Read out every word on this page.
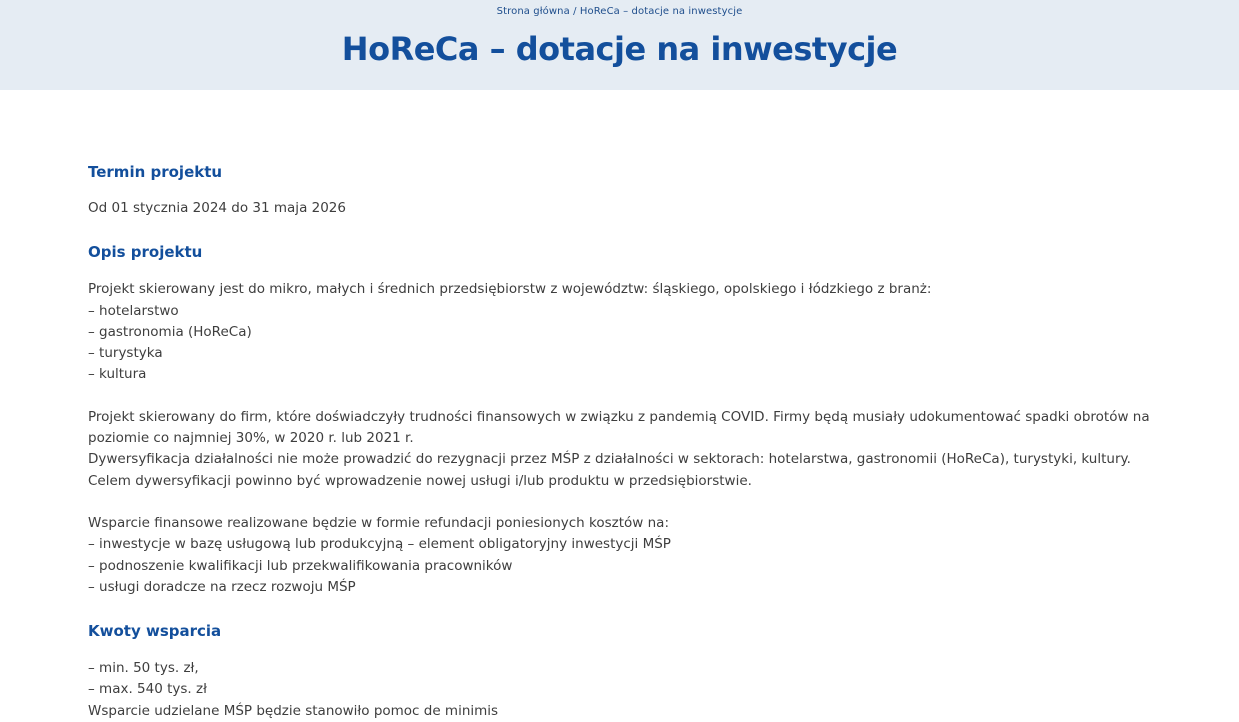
Strona główna / HoReCa – dotacje na inwestycje
HoReCa – dotacje na inwestycje
Termin projektu

Od 01 stycznia 2024 do 31 maja 2026

Opis projektu

Projekt skierowany jest do mikro, małych i średnich przedsiębiorstw z województw: śląskiego, opolskiego i łódzkiego z branż:

– hotelarstwo

– gastronomia (HoReCa)

– turystyka

– kultura

Projekt skierowany do firm, które doświadczyły trudności finansowych w związku z pandemią COVID. Firmy będą musiały udokumentować spadki obrotów na

poziomie co najmniej 30%, w 2020 r. lub 2021 r.

Dywersyfikacja działalności nie może prowadzić do rezygnacji przez MŚP z działalności w sektorach: hotelarstwa, gastronomii (HoReCa), turystyki, kultury.

Celem dywersyfikacji powinno być wprowadzenie nowej usługi i/lub produktu w przedsiębiorstwie.

Wsparcie finansowe realizowane będzie w formie refundacji poniesionych kosztów na:

– inwestycje w bazę usługową lub produkcyjną – element obligatoryjny inwestycji MŚP

– podnoszenie kwalifikacji lub przekwalifikowania pracowników

– usługi doradcze na rzecz rozwoju MŚP

Kwoty wsparcia

– min. 50 tys. zł,

– max. 540 tys. zł

Wsparcie udzielane MŚP będzie stanowiło pomoc de minimis
